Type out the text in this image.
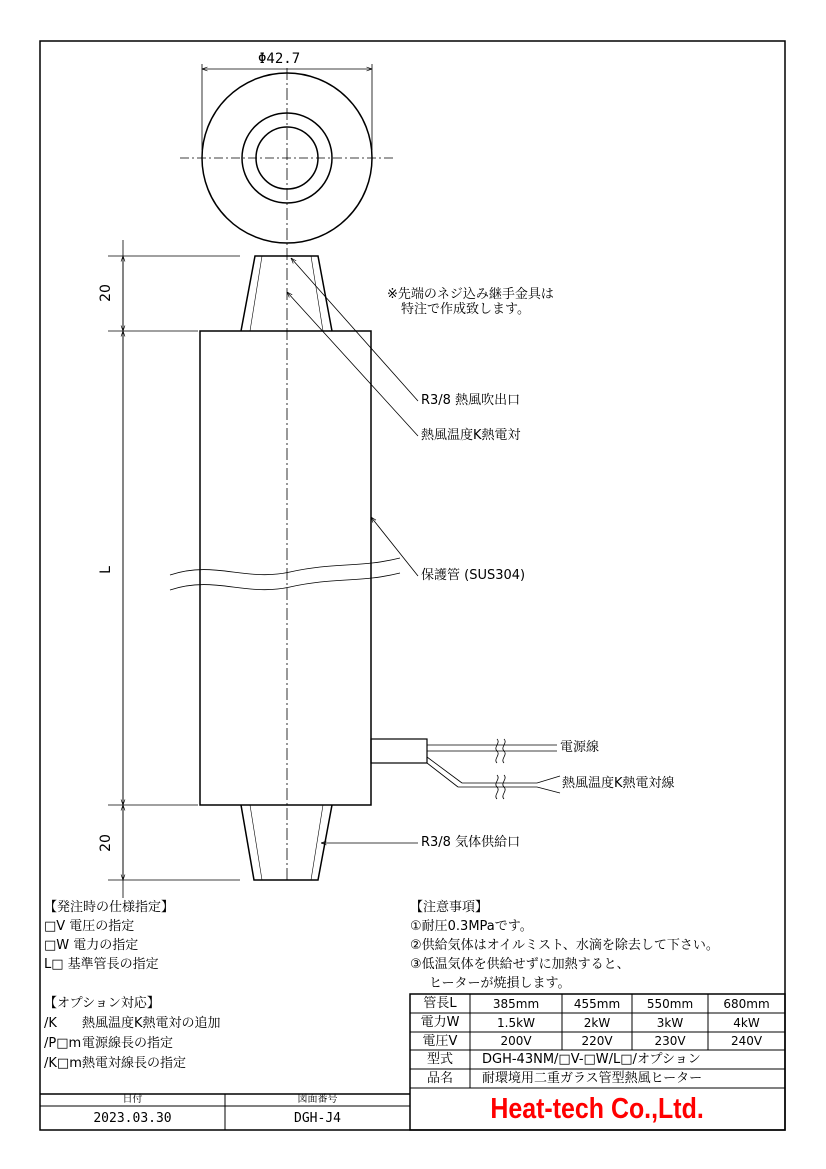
Φ42.7
20
L
20
※先端のネジ込み継手金具は
特注で作成致します。
R3/8 熱風吹出口
熱風温度K熱電対
保護管 (SUS304)
電源線
熱風温度K熱電対線
R3/8 気体供給口
【発注時の仕様指定】
□V 電圧の指定
□W 電力の指定
L□ 基準管長の指定
【オプション対応】
/K 熱風温度K熱電対の追加
/P□m 電源線長の指定
/K□m 熱電対線長の指定
【注意事項】
①耐圧0.3MPaです。
②供給気体はオイルミスト、水滴を除去して下さい。
③低温気体を供給せずに加熱すると、
ヒーターが焼損します。
管長L	385mm	455mm	550mm	680mm
電力W	1.5kW	2kW	3kW	4kW
電圧V	200V	220V	230V	240V
型式	DGH-43NM/□V-□W/L□/オプション
品名	耐環境用二重ガラス管型熱風ヒーター
日付	図面番号
2023.03.30	DGH-J4	Heat-tech Co.,Ltd.
